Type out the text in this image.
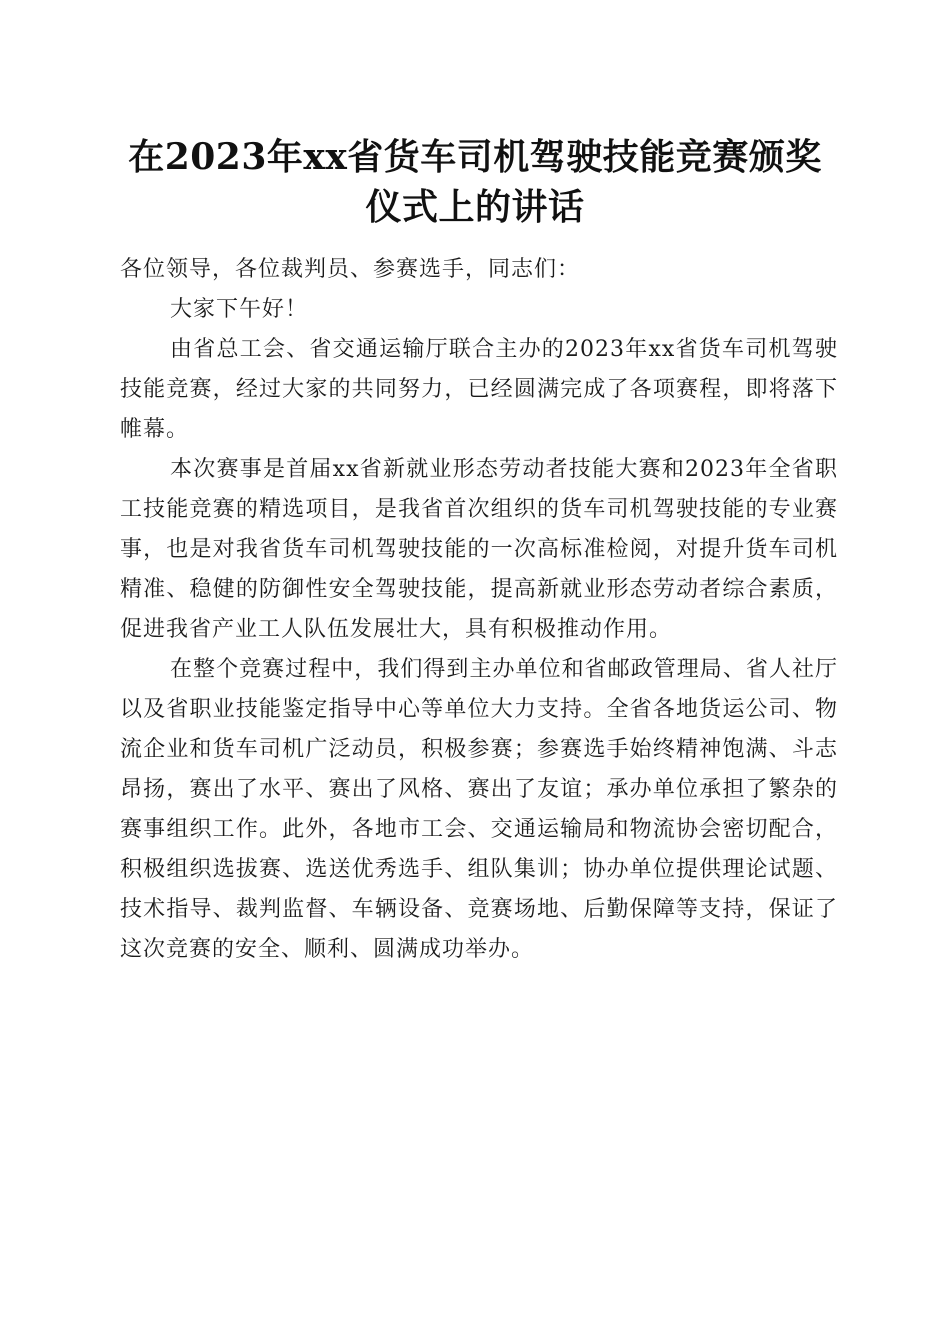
在2023年xx省货车司机驾驶技能竞赛颁奖仪式上的讲话

各位领导，各位裁判员、参赛选手，同志们：

大家下午好！

由省总工会、省交通运输厅联合主办的2023年xx省货车司机驾驶技能竞赛，经过大家的共同努力，已经圆满完成了各项赛程，即将落下帷幕。

本次赛事是首届xx省新就业形态劳动者技能大赛和2023年全省职工技能竞赛的精选项目，是我省首次组织的货车司机驾驶技能的专业赛事，也是对我省货车司机驾驶技能的一次高标准检阅，对提升货车司机精准、稳健的防御性安全驾驶技能，提高新就业形态劳动者综合素质，促进我省产业工人队伍发展壮大，具有积极推动作用。

在整个竞赛过程中，我们得到主办单位和省邮政管理局、省人社厅以及省职业技能鉴定指导中心等单位大力支持。全省各地货运公司、物流企业和货车司机广泛动员，积极参赛；参赛选手始终精神饱满、斗志昂扬，赛出了水平、赛出了风格、赛出了友谊；承办单位承担了繁杂的赛事组织工作。此外，各地市工会、交通运输局和物流协会密切配合，积极组织选拔赛、选送优秀选手、组队集训；协办单位提供理论试题、技术指导、裁判监督、车辆设备、竞赛场地、后勤保障等支持，保证了这次竞赛的安全、顺利、圆满成功举办。
